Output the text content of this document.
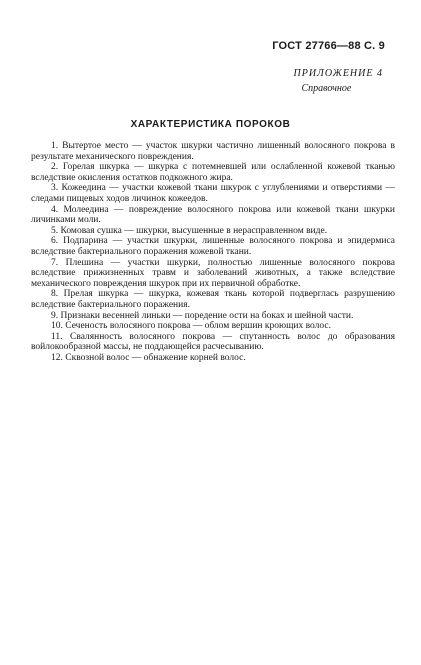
ГОСТ 27766—88 С. 9
ПРИЛОЖЕНИЕ 4
Справочное
ХАРАКТЕРИСТИКА ПОРОКОВ
1. Вытертое место — участок шкурки частично лишенный волосяного покрова в результате механического повреждения.
2. Горелая шкурка — шкурка с потемневшей или ослабленной кожевой тканью вследствие окисления остатков подкожного жира.
3. Кожеедина — участки кожевой ткани шкурок с углублениями и отверстиями — следами пищевых ходов личинок кожеедов.
4. Молеедина — повреждение волосяного покрова или кожевой ткани шкурки личинками моли.
5. Комовая сушка — шкурки, высушенные в нерасправленном виде.
6. Подпарина — участки шкурки, лишенные волосяного покрова и эпидермиса вследствие бактериального поражения кожевой ткани.
7. Плешина — участки шкурки, полностью лишенные волосяного покрова вследствие прижизненных травм и заболеваний животных, а также вследствие механического повреждения шкурок при их первичной обработке.
8. Прелая шкурка — шкурка, кожевая ткань которой подверглась разрушению вследствие бактериального поражения.
9. Признаки весенней линьки — поредение ости на боках и шейной части.
10. Сеченость волосяного покрова — облом вершин кроющих волос.
11. Свалянность волосяного покрова — спутанность волос до образования войлокообразной массы, не поддающейся расчесыванию.
12. Сквозной волос — обнажение корней волос.
